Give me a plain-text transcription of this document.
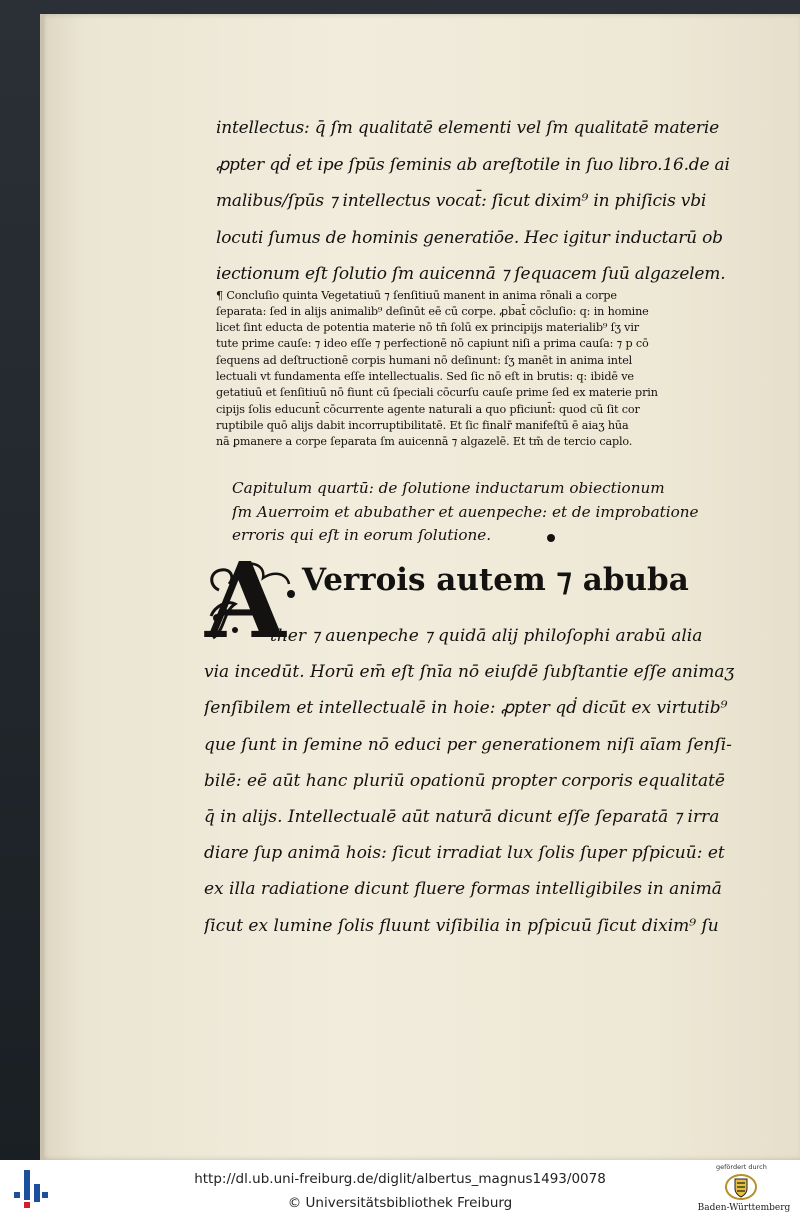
intellectus: q̄ ſm qualitatē elementi vel ſm qualitatē materie
ꝓpter qḋ et ipe ſpūs ſeminis ab areſtotile in ſuo libro.16.de ai
malibus/ſpūs ⁊ intellectus vocat̄: ſicut dixim⁹ in phiſicis vbi
locuti ſumus de hominis generatiōe. Hec igitur inductarū ob
iectionum eſt ſolutio ſm auicennā ⁊ ſequacem ſuū algazelem.
¶ Concluſio quinta Vegetatiuū ⁊ ſenſitiuū manent in anima rōnali a corpe
ſeparata: ſed in alijs animalib⁹ deſinūt eē cū corpe. ꝓbat̄ cōcluſio: q: in homine
licet ſint educta de potentia materie nō tn̄ ſolū ex principijs materialib⁹ ſʒ vir
tute prime cauſe: ⁊ ideo eſſe ⁊ perfectionē nō capiunt niſi a prima cauſa: ⁊ p cō
ſequens ad deſtructionē corpis humani nō deſinunt: ſʒ manēt in anima intel
lectuali vt fundamenta eſſe intellectualis. Sed ſic nō eſt in brutis: q: ibidē ve
getatiuū et ſenſitiuū nō fiunt cū ſpeciali cōcurſu cauſe prime ſed ex materie prin
cipijs ſolis educunt̄ cōcurrente agente naturali a quo pficiunt̄: quod cū ſit cor
ruptibile quō alijs dabit incorruptibilitatē. Et ſic finalr̄ manifeſtū ē aiaʒ hūa
nā ꝑmanere a corpe ſeparata ſm auicennā ⁊ algazelē. Et tm̄ de tercio caplo.
Capitulum quartū: de ſolutione inductarum obiectionum
ſm Auerroim et abubather et auenpeche: et de improbatione
erroris qui eſt in eorum ſolutione.
A Verrois autem ⁊ abuba
ther ⁊ auenpeche ⁊ quidā alij philoſophi arabū alia
via incedūt. Horū em̄ eſt ſnīa nō eiuſdē ſubſtantie eſſe animaʒ
ſenſibilem et intellectualē in hoie: ꝓpter qḋ dicūt ex virtutib⁹
que ſunt in ſemine nō educi per generationem niſi aīam ſenſi-
bilē: eē aūt hanc pluriū opationū propter corporis equalitatē
q̄ in alijs. Intellectualē aūt naturā dicunt eſſe ſeparatā ⁊ irra
diare ſup animā hois: ſicut irradiat lux ſolis ſuper pſpicuū: et
ex illa radiatione dicunt fluere formas intelligibiles in animā
ſicut ex lumine ſolis fluunt viſibilia in pſpicuū ſicut dixim⁹ ſu
http://dl.ub.uni-freiburg.de/diglit/albertus_magnus1493/0078
© Universitätsbibliothek Freiburg
gefördert durch
Baden-Württemberg
